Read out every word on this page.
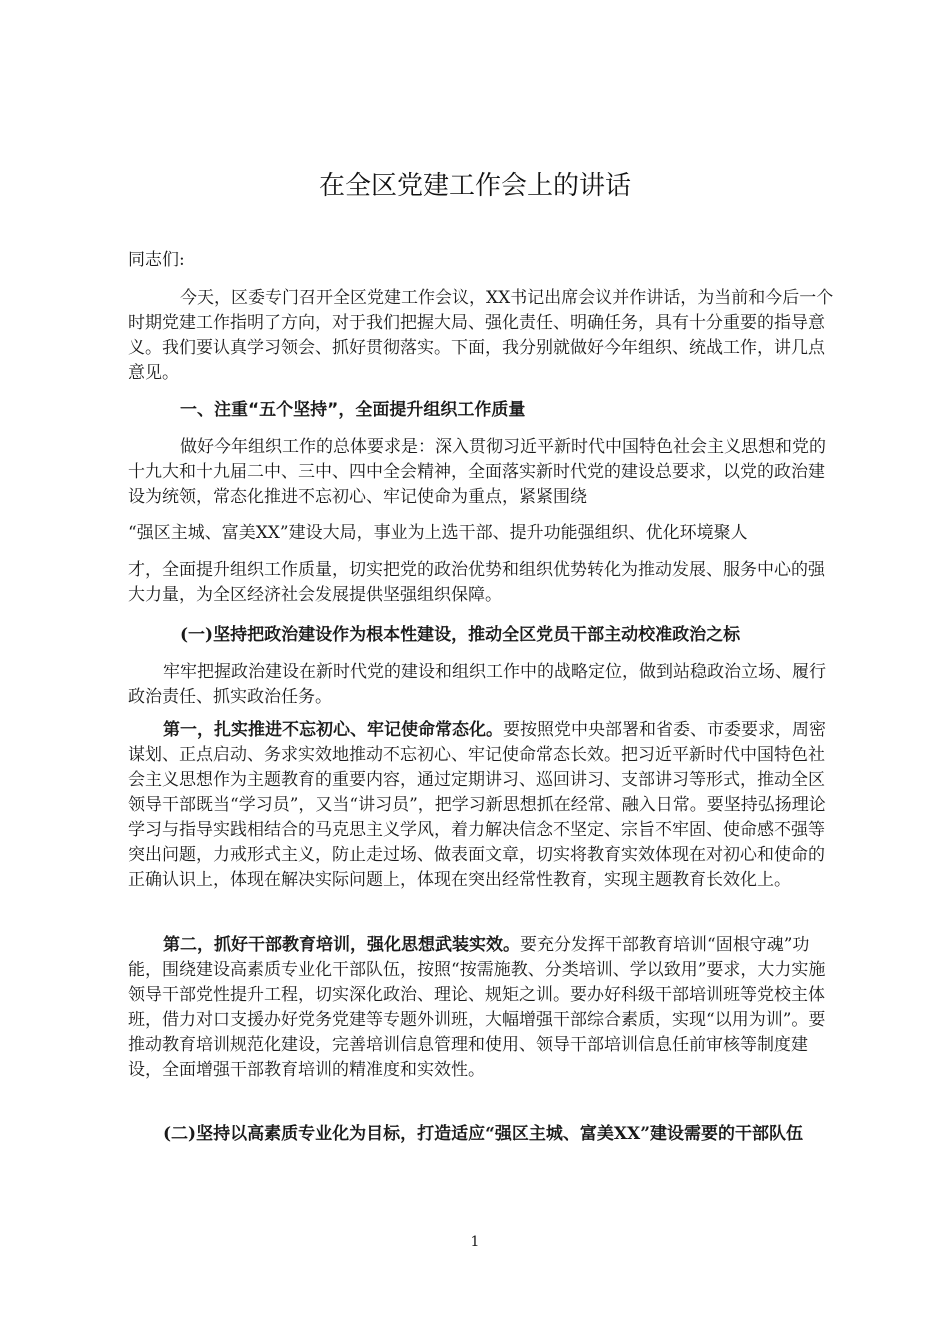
在全区党建工作会上的讲话

同志们:

今天，区委专门召开全区党建工作会议，XX书记出席会议并作讲话，为当前和今后一个时期党建工作指明了方向，对于我们把握大局、强化责任、明确任务，具有十分重要的指导意义。我们要认真学习领会、抓好贯彻落实。下面，我分别就做好今年组织、统战工作，讲几点意见。

一、注重“五个坚持”，全面提升组织工作质量

做好今年组织工作的总体要求是：深入贯彻习近平新时代中国特色社会主义思想和党的十九大和十九届二中、三中、四中全会精神，全面落实新时代党的建设总要求，以党的政治建设为统领，常态化推进不忘初心、牢记使命为重点，紧紧围绕

“强区主城、富美XX”建设大局，事业为上选干部、提升功能强组织、优化环境聚人

才，全面提升组织工作质量，切实把党的政治优势和组织优势转化为推动发展、服务中心的强大力量，为全区经济社会发展提供坚强组织保障。

(一)坚持把政治建设作为根本性建设，推动全区党员干部主动校准政治之标

牢牢把握政治建设在新时代党的建设和组织工作中的战略定位，做到站稳政治立场、履行政治责任、抓实政治任务。

第一，扎实推进不忘初心、牢记使命常态化。要按照党中央部署和省委、市委要求，周密谋划、正点启动、务求实效地推动不忘初心、牢记使命常态长效。把习近平新时代中国特色社会主义思想作为主题教育的重要内容，通过定期讲习、巡回讲习、支部讲习等形式，推动全区领导干部既当“学习员”，又当“讲习员”，把学习新思想抓在经常、融入日常。要坚持弘扬理论学习与指导实践相结合的马克思主义学风，着力解决信念不坚定、宗旨不牢固、使命感不强等突出问题，力戒形式主义，防止走过场、做表面文章，切实将教育实效体现在对初心和使命的正确认识上，体现在解决实际问题上，体现在突出经常性教育，实现主题教育长效化上。

第二，抓好干部教育培训，强化思想武装实效。要充分发挥干部教育培训“固根守魂”功能，围绕建设高素质专业化干部队伍，按照“按需施教、分类培训、学以致用”要求，大力实施领导干部党性提升工程，切实深化政治、理论、规矩之训。要办好科级干部培训班等党校主体班，借力对口支援办好党务党建等专题外训班，大幅增强干部综合素质，实现“以用为训”。要推动教育培训规范化建设，完善培训信息管理和使用、领导干部培训信息任前审核等制度建设，全面增强干部教育培训的精准度和实效性。

(二)坚持以高素质专业化为目标，打造适应“强区主城、富美XX”建设需要的干部队伍

1
